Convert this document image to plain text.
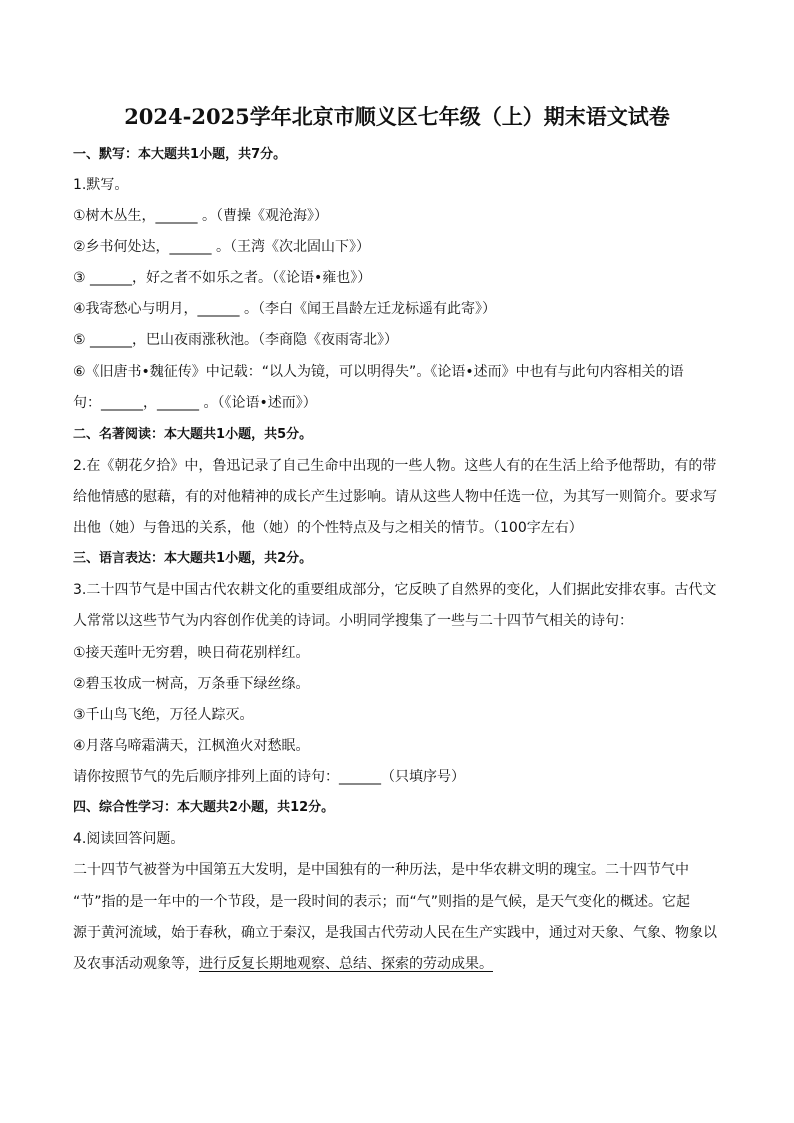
2024-2025学年北京市顺义区七年级（上）期末语文试卷
一、默写：本大题共1小题，共7分。
1.默写。
①树木丛生，______ 。（曹操《观沧海》）
②乡书何处达，______ 。（王湾《次北固山下》）
③ ______，好之者不如乐之者。（《论语•雍也》）
④我寄愁心与明月，______ 。（李白《闻王昌龄左迁龙标遥有此寄》）
⑤ ______，巴山夜雨涨秋池。（李商隐《夜雨寄北》）
⑥《旧唐书•魏征传》中记载：“以人为镜，可以明得失”。《论语•述而》中也有与此句内容相关的语
句：______，______ 。（《论语•述而》）
二、名著阅读：本大题共1小题，共5分。
2.在《朝花夕拾》中，鲁迅记录了自己生命中出现的一些人物。这些人有的在生活上给予他帮助，有的带
给他情感的慰藉，有的对他精神的成长产生过影响。请从这些人物中任选一位，为其写一则简介。要求写
出他（她）与鲁迅的关系，他（她）的个性特点及与之相关的情节。（100字左右）
三、语言表达：本大题共1小题，共2分。
3.二十四节气是中国古代农耕文化的重要组成部分，它反映了自然界的变化，人们据此安排农事。古代文
人常常以这些节气为内容创作优美的诗词。小明同学搜集了一些与二十四节气相关的诗句：
①接天莲叶无穷碧，映日荷花别样红。
②碧玉妆成一树高，万条垂下绿丝绦。
③千山鸟飞绝，万径人踪灭。
④月落乌啼霜满天，江枫渔火对愁眠。
请你按照节气的先后顺序排列上面的诗句：______（只填序号）
四、综合性学习：本大题共2小题，共12分。
4.阅读回答问题。
二十四节气被誉为中国第五大发明，是中国独有的一种历法，是中华农耕文明的瑰宝。二十四节气中
“节”指的是一年中的一个节段，是一段时间的表示；而“气”则指的是气候，是天气变化的概述。它起
源于黄河流域，始于春秋，确立于秦汉，是我国古代劳动人民在生产实践中，通过对天象、气象、物象以
及农事活动观象等，进行反复长期地观察、总结、探索的劳动成果。
